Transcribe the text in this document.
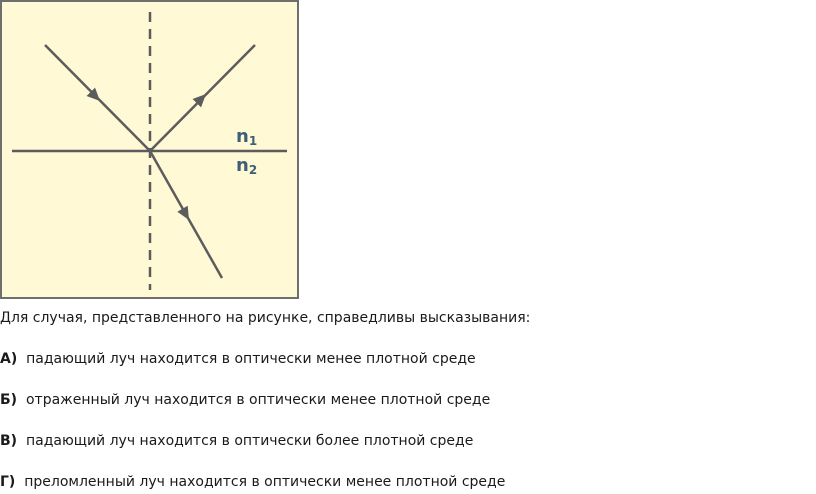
n1
n2
Для случая, представленного на рисунке, справедливы высказывания:
А) падающий луч находится в оптически менее плотной среде
Б) отраженный луч находится в оптически менее плотной среде
В) падающий луч находится в оптически более плотной среде
Г) преломленный луч находится в оптически менее плотной среде
